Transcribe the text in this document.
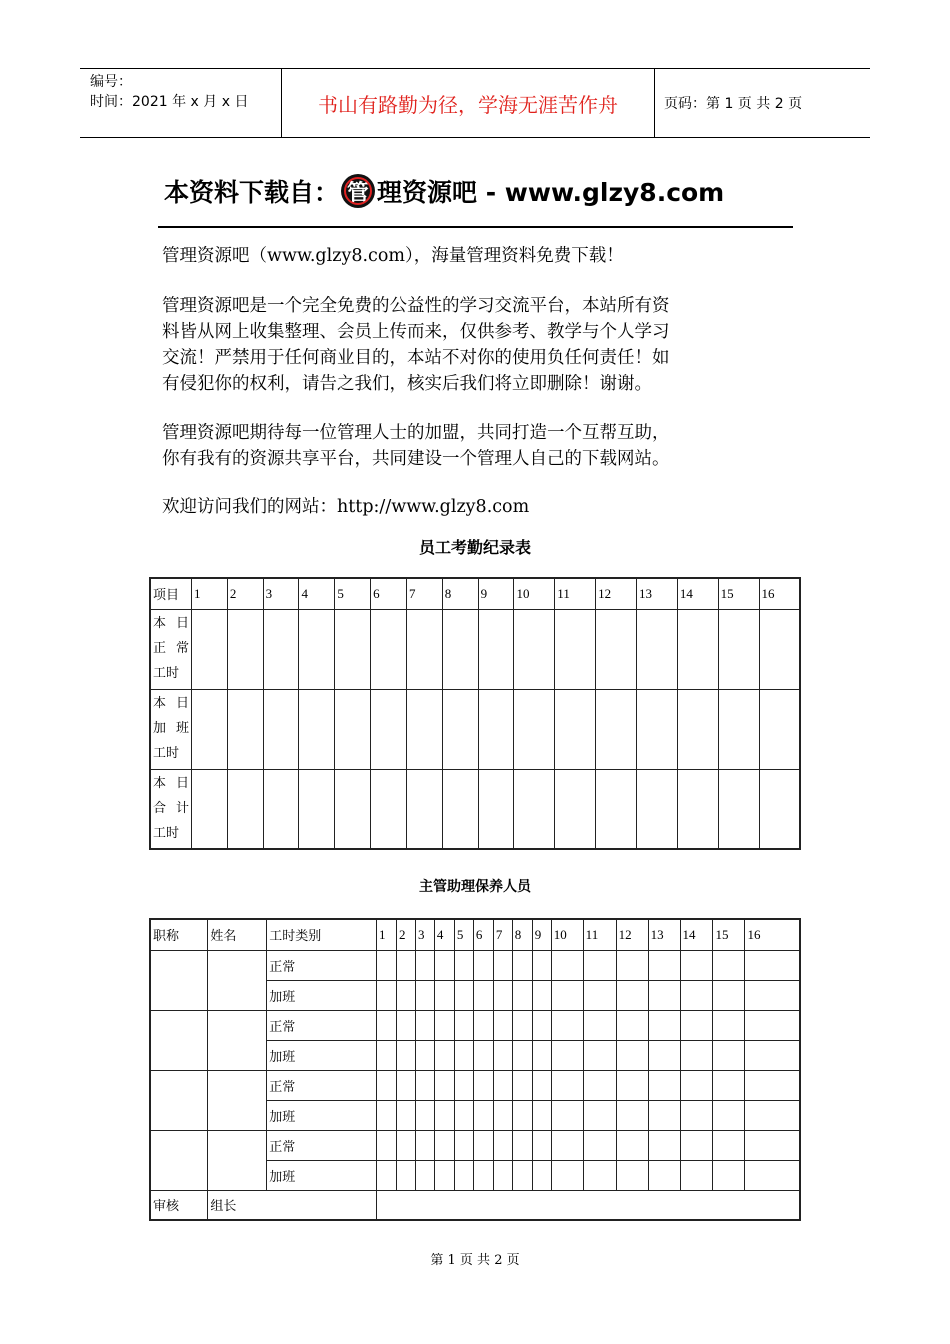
编号：
时间：2021 年 x 月 x 日	书山有路勤为径，学海无涯苦作舟	页码：第 1 页 共 2 页
本资料下载自： 管 理资源吧 - www.glzy8.com
管理资源吧（www.glzy8.com），海量管理资料免费下载！
管理资源吧是一个完全免费的公益性的学习交流平台，本站所有资
料皆从网上收集整理、会员上传而来，仅供参考、教学与个人学习
交流！严禁用于任何商业目的，本站不对你的使用负任何责任！如
有侵犯你的权利，请告之我们，核实后我们将立即删除！谢谢。
管理资源吧期待每一位管理人士的加盟，共同打造一个互帮互助，
你有我有的资源共享平台，共同建设一个管理人自己的下载网站。
欢迎访问我们的网站：http://www.glzy8.com
员工考勤纪录表
项目	1	2	3	4	5	6	7	8	9	10	11	12	13	14	15	16

本 日
正 常
工时																

本 日
加 班
工时																

本 日
合 计
工时																

主管助理保养人员
职称	姓名	工时类别	1	2	3	4	5	6	7	8	9	10	11	12	13	14	15	16
		正常																
		加班																
		正常																
		加班																
		正常																
		加班																
		正常																
		加班																
审核	组长																	
第 1 页 共 2 页
